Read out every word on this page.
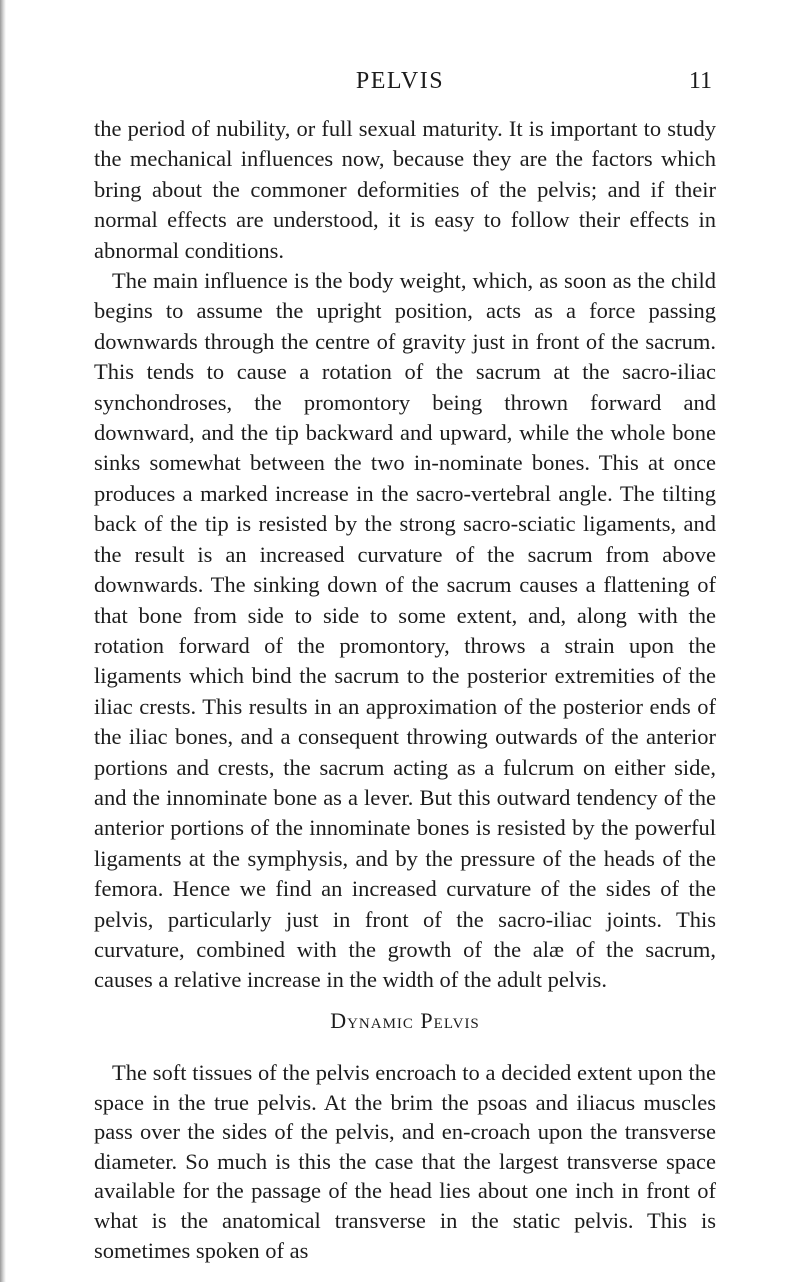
PELVIS	11

the period of nubility, or full sexual maturity. It is important to study the mechanical influences now, because they are the factors which bring about the commoner deformities of the pelvis; and if their normal effects are understood, it is easy to follow their effects in abnormal conditions.

The main influence is the body weight, which, as soon as the child begins to assume the upright position, acts as a force passing downwards through the centre of gravity just in front of the sacrum. This tends to cause a rotation of the sacrum at the sacro-iliac synchondroses, the promontory being thrown forward and downward, and the tip backward and upward, while the whole bone sinks somewhat between the two in-nominate bones. This at once produces a marked increase in the sacro-vertebral angle. The tilting back of the tip is resisted by the strong sacro-sciatic ligaments, and the result is an increased curvature of the sacrum from above downwards. The sinking down of the sacrum causes a flattening of that bone from side to side to some extent, and, along with the rotation forward of the promontory, throws a strain upon the ligaments which bind the sacrum to the posterior extremities of the iliac crests. This results in an approximation of the posterior ends of the iliac bones, and a consequent throwing outwards of the anterior portions and crests, the sacrum acting as a fulcrum on either side, and the innominate bone as a lever. But this outward tendency of the anterior portions of the innominate bones is resisted by the powerful ligaments at the symphysis, and by the pressure of the heads of the femora. Hence we find an increased curvature of the sides of the pelvis, particularly just in front of the sacro-iliac joints. This curvature, combined with the growth of the alæ of the sacrum, causes a relative increase in the width of the adult pelvis.

Dynamic Pelvis

The soft tissues of the pelvis encroach to a decided extent upon the space in the true pelvis. At the brim the psoas and iliacus muscles pass over the sides of the pelvis, and en-croach upon the transverse diameter. So much is this the case that the largest transverse space available for the passage of the head lies about one inch in front of what is the anatomical transverse in the static pelvis. This is sometimes spoken of as
